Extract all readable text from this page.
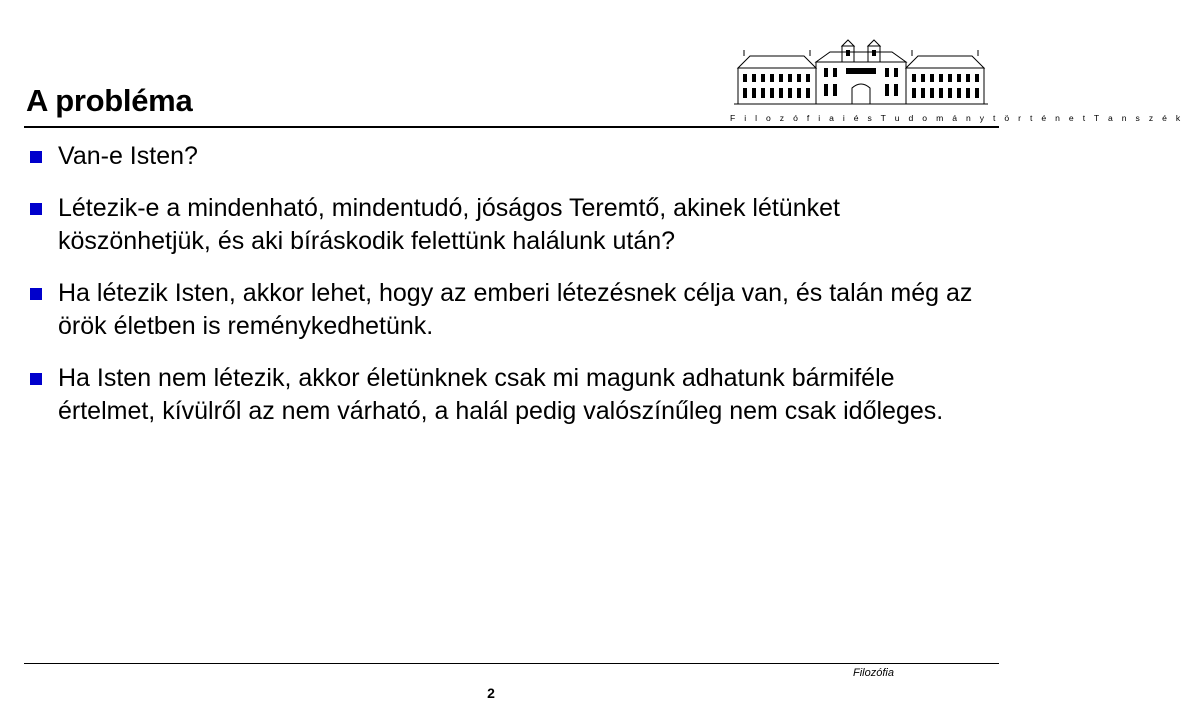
A probléma	F i l o z ó f i a i é s T u d o m á n y t ö r t é n e t T a n s z é k
Van-e Isten?
Létezik-e a mindenható, mindentudó, jóságos Teremtő, akinek létünket köszönhetjük, és aki bíráskodik felettünk halálunk után?
Ha létezik Isten, akkor lehet, hogy az emberi létezésnek célja van, és talán még az örök életben is reménykedhetünk.
Ha Isten nem létezik, akkor életünknek csak mi magunk adhatunk bármiféle értelmet, kívülről az nem várható, a halál pedig valószínűleg nem csak időleges.
Filozófia
2
